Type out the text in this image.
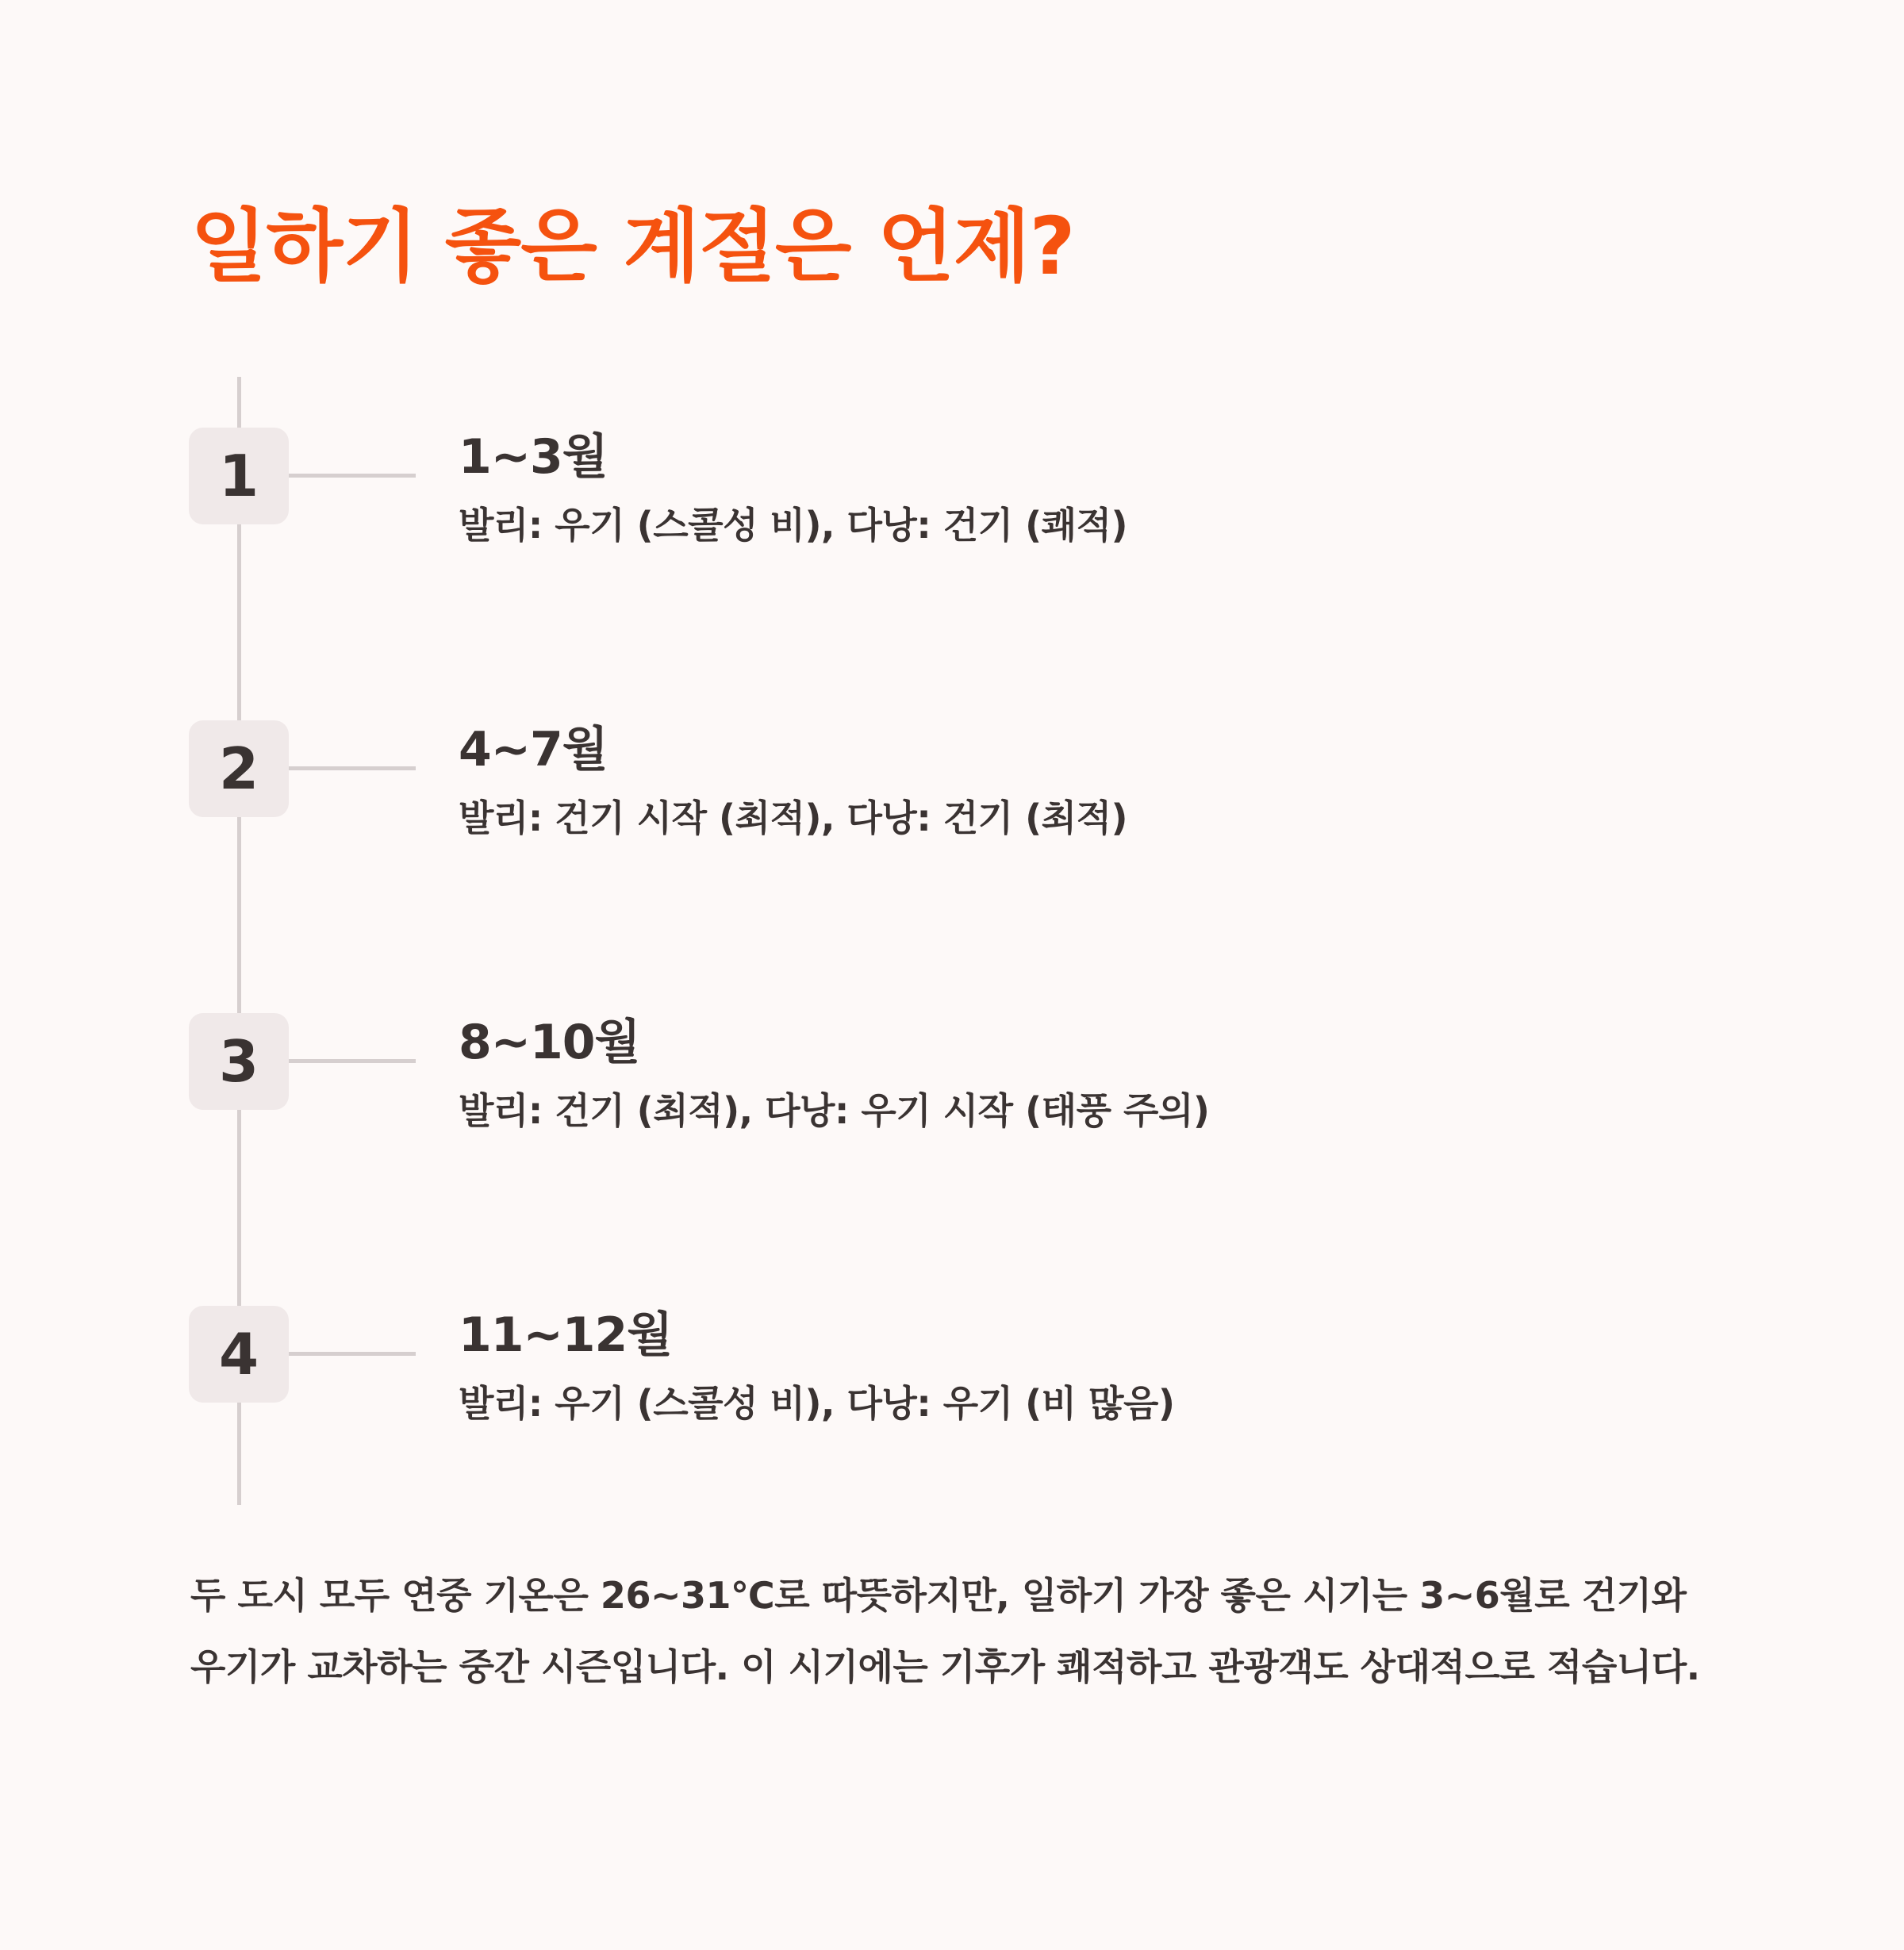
일하기 좋은 계절은 언제?
1	1~3월
발리: 우기 (스콜성 비), 다낭: 건기 (쾌적)
2	4~7월
발리: 건기 시작 (최적), 다낭: 건기 (최적)
3	8~10월
발리: 건기 (최적), 다낭: 우기 시작 (태풍 주의)
4	11~12월
발리: 우기 (스콜성 비), 다낭: 우기 (비 많음)

두 도시 모두 연중 기온은 26~31℃로 따뜻하지만, 일하기 가장 좋은 시기는 3~6월로 건기와 우기가 교차하는 중간 시즌입니다. 이 시기에는 기후가 쾌적하고 관광객도 상대적으로 적습니다.
